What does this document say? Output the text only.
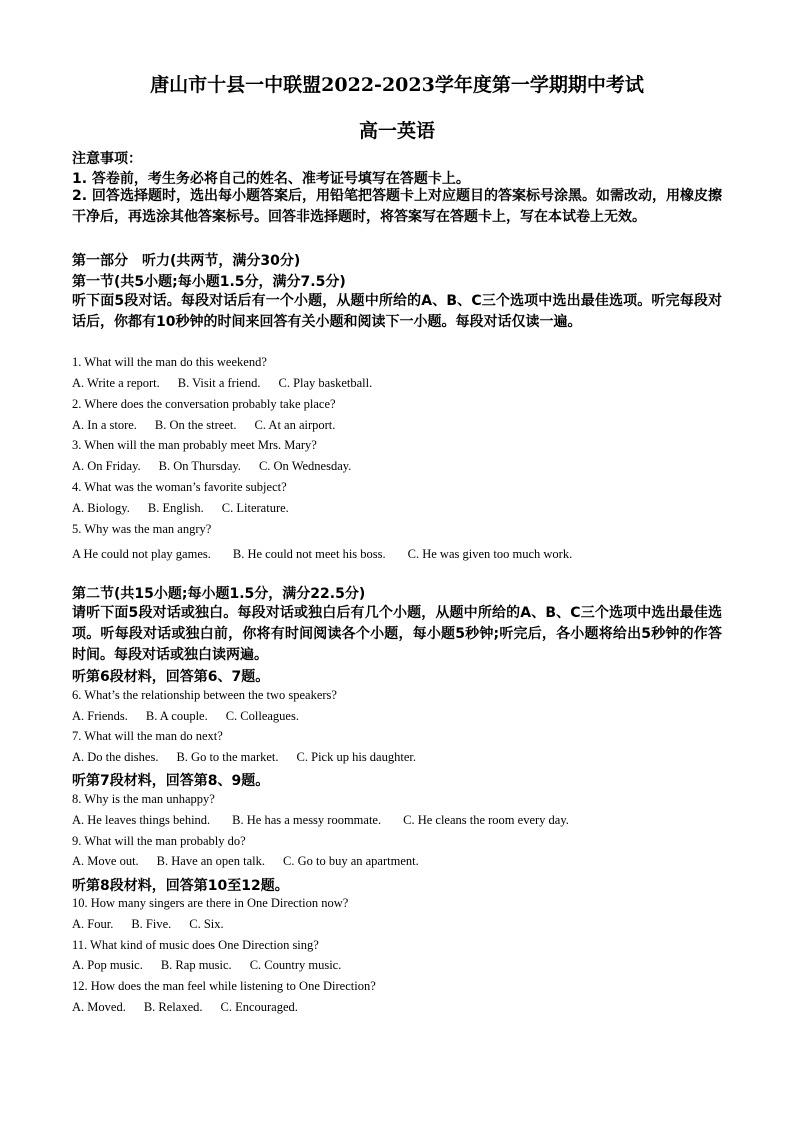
唐山市十县一中联盟2022-2023学年度第一学期期中考试
高一英语
注意事项：
1. 答卷前，考生务必将自己的姓名、准考证号填写在答题卡上。
2. 回答选择题时，选出每小题答案后，用铅笔把答题卡上对应题目的答案标号涂黑。如需改动，用橡皮擦干净后，再选涂其他答案标号。回答非选择题时，将答案写在答题卡上，写在本试卷上无效。
第一部分　听力(共两节，满分30分)
第一节(共5小题;每小题1.5分，满分7.5分)
听下面5段对话。每段对话后有一个小题，从题中所给的A、B、C三个选项中选出最佳选项。听完每段对话后，你都有10秒钟的时间来回答有关小题和阅读下一小题。每段对话仅读一遍。
1. What will the man do this weekend?
A. Write a report. B. Visit a friend. C. Play basketball.
2. Where does the conversation probably take place?
A. In a store. B. On the street. C. At an airport.
3. When will the man probably meet Mrs. Mary?
A. On Friday. B. On Thursday. C. On Wednesday.
4. What was the woman’s favorite subject?
A. Biology. B. English. C. Literature.
5. Why was the man angry?
A He could not play games. B. He could not meet his boss. C. He was given too much work.
第二节(共15小题;每小题1.5分，满分22.5分)
请听下面5段对话或独白。每段对话或独白后有几个小题，从题中所给的A、B、C三个选项中选出最佳选项。听每段对话或独白前，你将有时间阅读各个小题，每小题5秒钟;听完后，各小题将给出5秒钟的作答时间。每段对话或独白读两遍。
听第6段材料，回答第6、7题。
6. What’s the relationship between the two speakers?
A. Friends. B. A couple. C. Colleagues.
7. What will the man do next?
A. Do the dishes. B. Go to the market. C. Pick up his daughter.
听第7段材料，回答第8、9题。
8. Why is the man unhappy?
A. He leaves things behind. B. He has a messy roommate. C. He cleans the room every day.
9. What will the man probably do?
A. Move out. B. Have an open talk. C. Go to buy an apartment.
听第8段材料，回答第10至12题。
10. How many singers are there in One Direction now?
A. Four. B. Five. C. Six.
11. What kind of music does One Direction sing?
A. Pop music. B. Rap music. C. Country music.
12. How does the man feel while listening to One Direction?
A. Moved. B. Relaxed. C. Encouraged.
